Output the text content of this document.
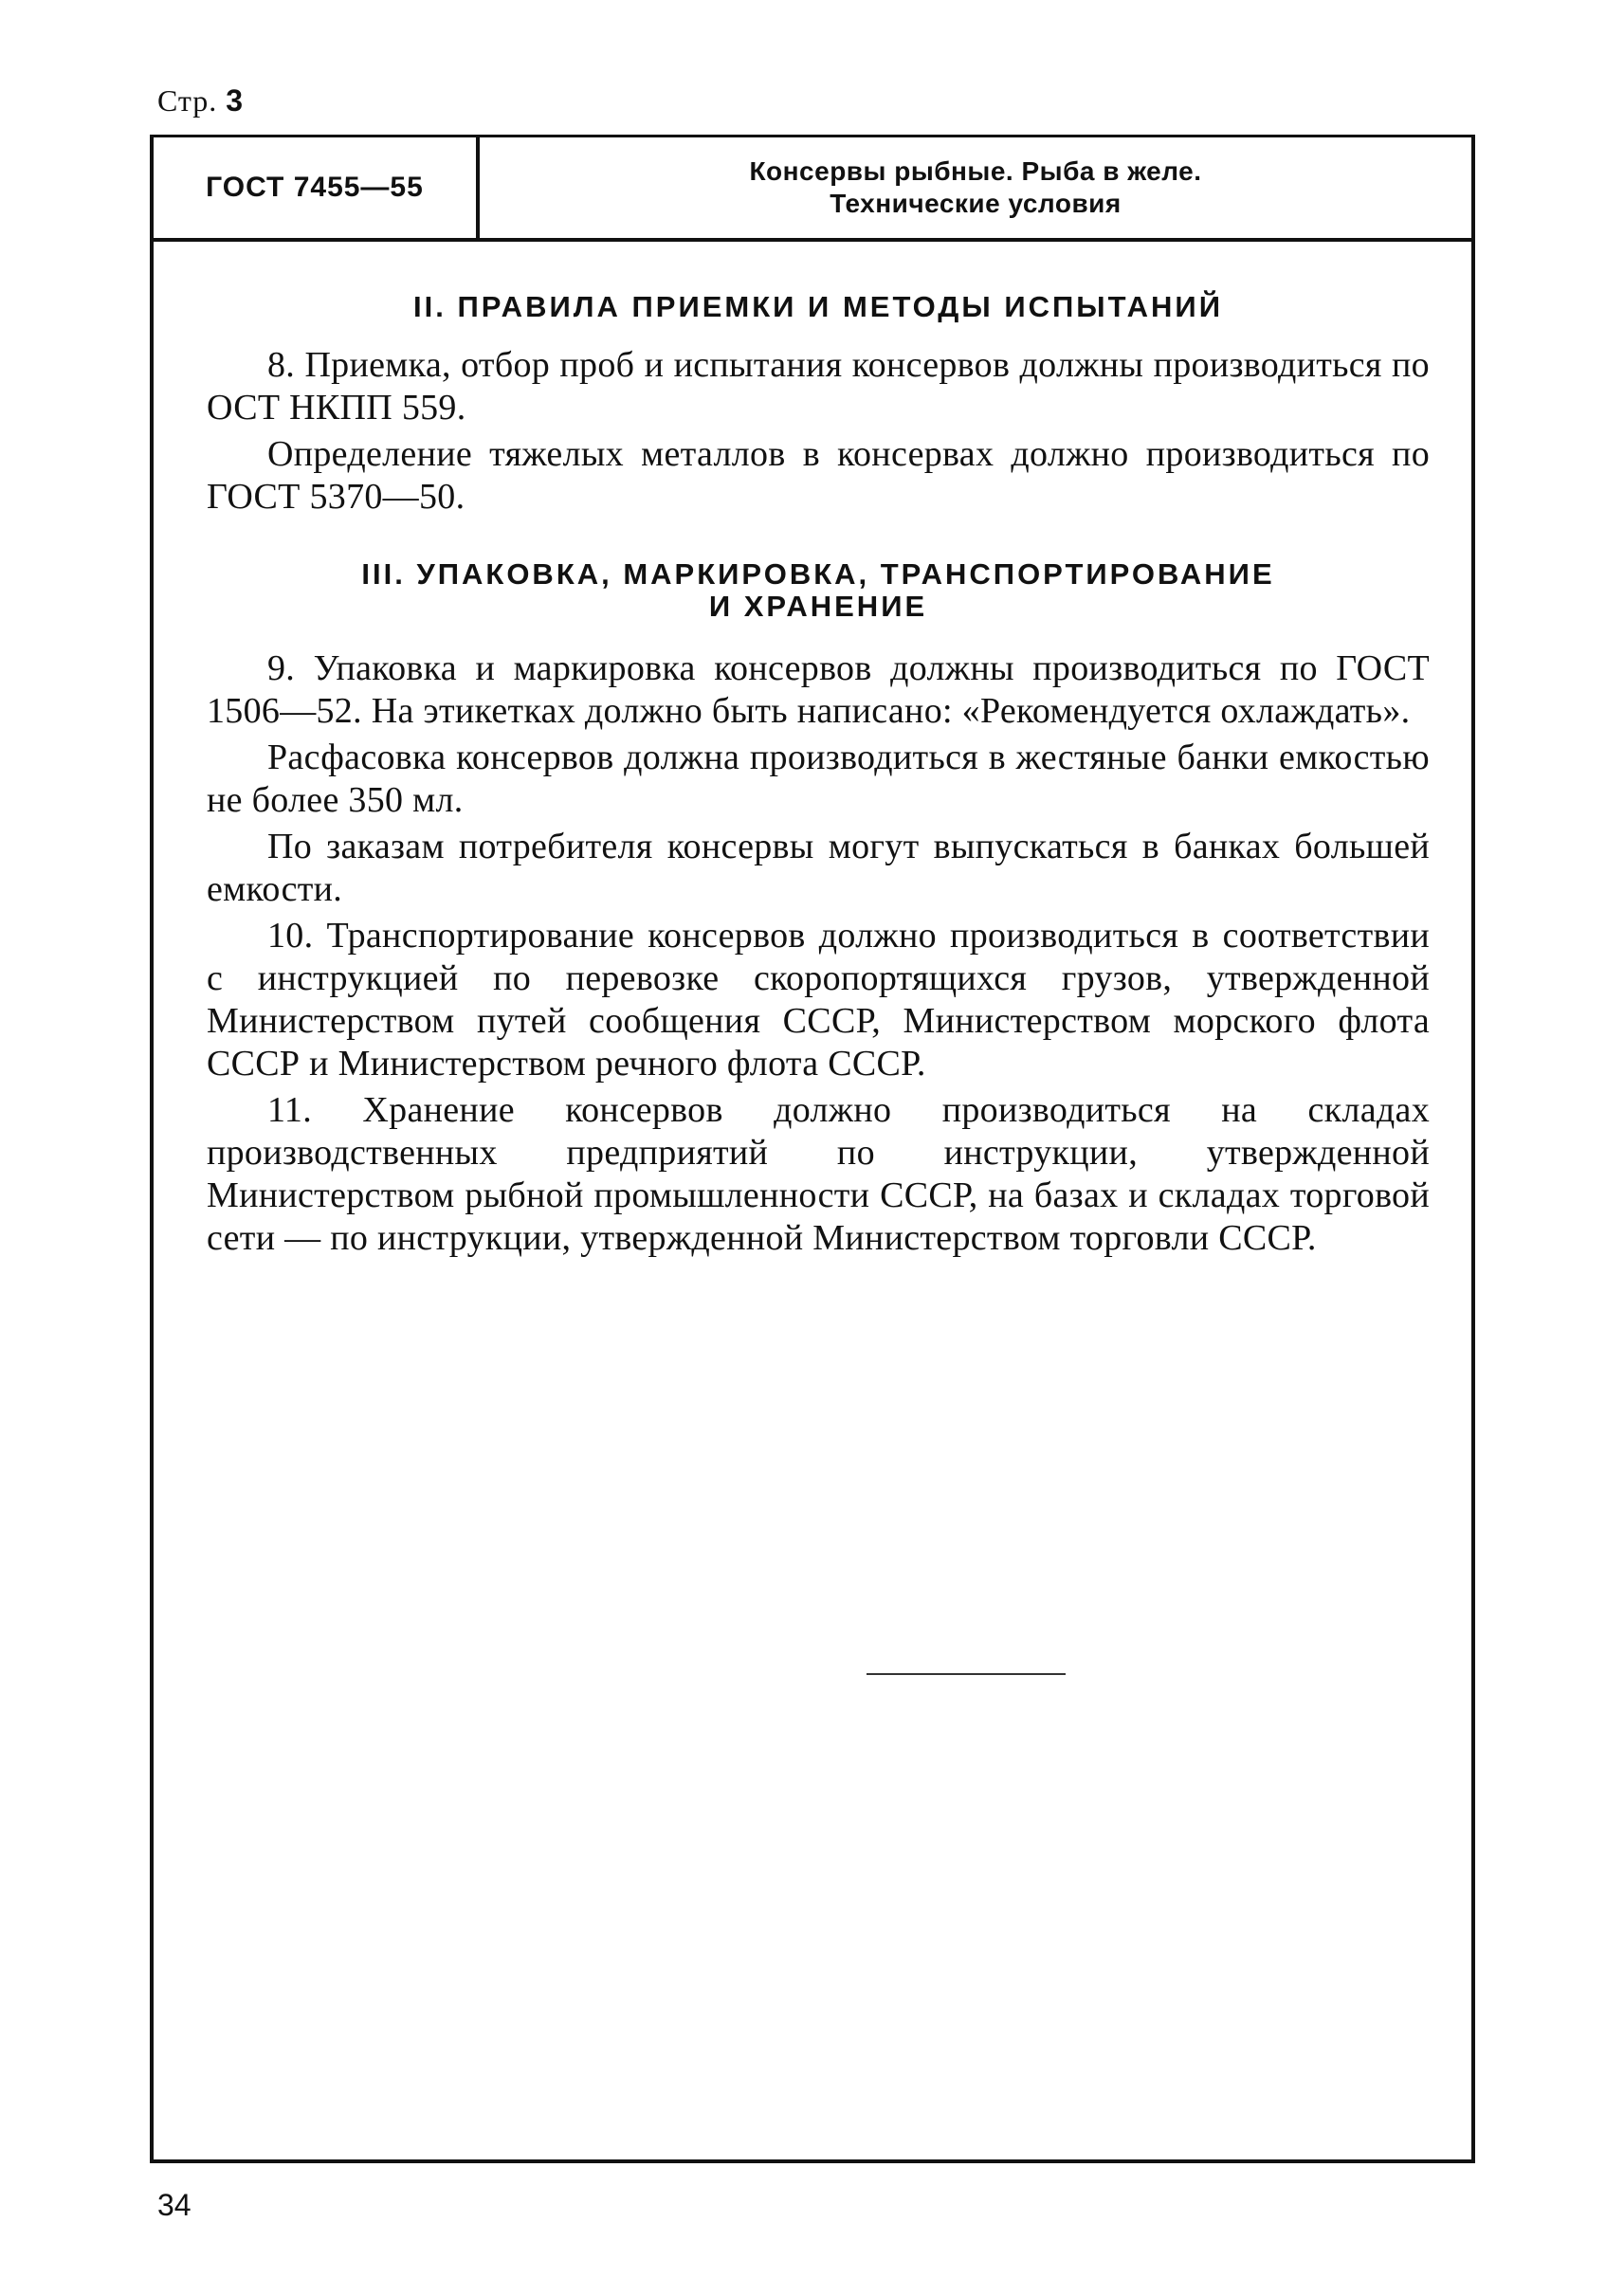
Стр. 3
ГОСТ 7455—55
Консервы рыбные. Рыба в желе.
Технические условия
II. ПРАВИЛА ПРИЕМКИ И МЕТОДЫ ИСПЫТАНИЙ

8. Приемка, отбор проб и испытания консервов должны производиться по ОСТ НКПП 559.

Определение тяжелых металлов в консервах должно производиться по ГОСТ 5370—50.

III. УПАКОВКА, МАРКИРОВКА, ТРАНСПОРТИРОВАНИЕ
И ХРАНЕНИЕ

9. Упаковка и маркировка консервов должны производиться по ГОСТ 1506—52. На этикетках должно быть написано: «Рекомендуется охлаждать».

Расфасовка консервов должна производиться в жестяные банки емкостью не более 350 мл.

По заказам потребителя консервы могут выпускаться в банках большей емкости.

10. Транспортирование консервов должно производиться в соответствии с инструкцией по перевозке скоропортящихся грузов, утвержденной Министерством путей сообщения СССР, Министерством морского флота СССР и Министерством речного флота СССР.

11. Хранение консервов должно производиться на складах производственных предприятий по инструкции, утвержденной Министерством рыбной промышленности СССР, на базах и складах торговой сети — по инструкции, утвержденной Министерством торговли СССР.

34
